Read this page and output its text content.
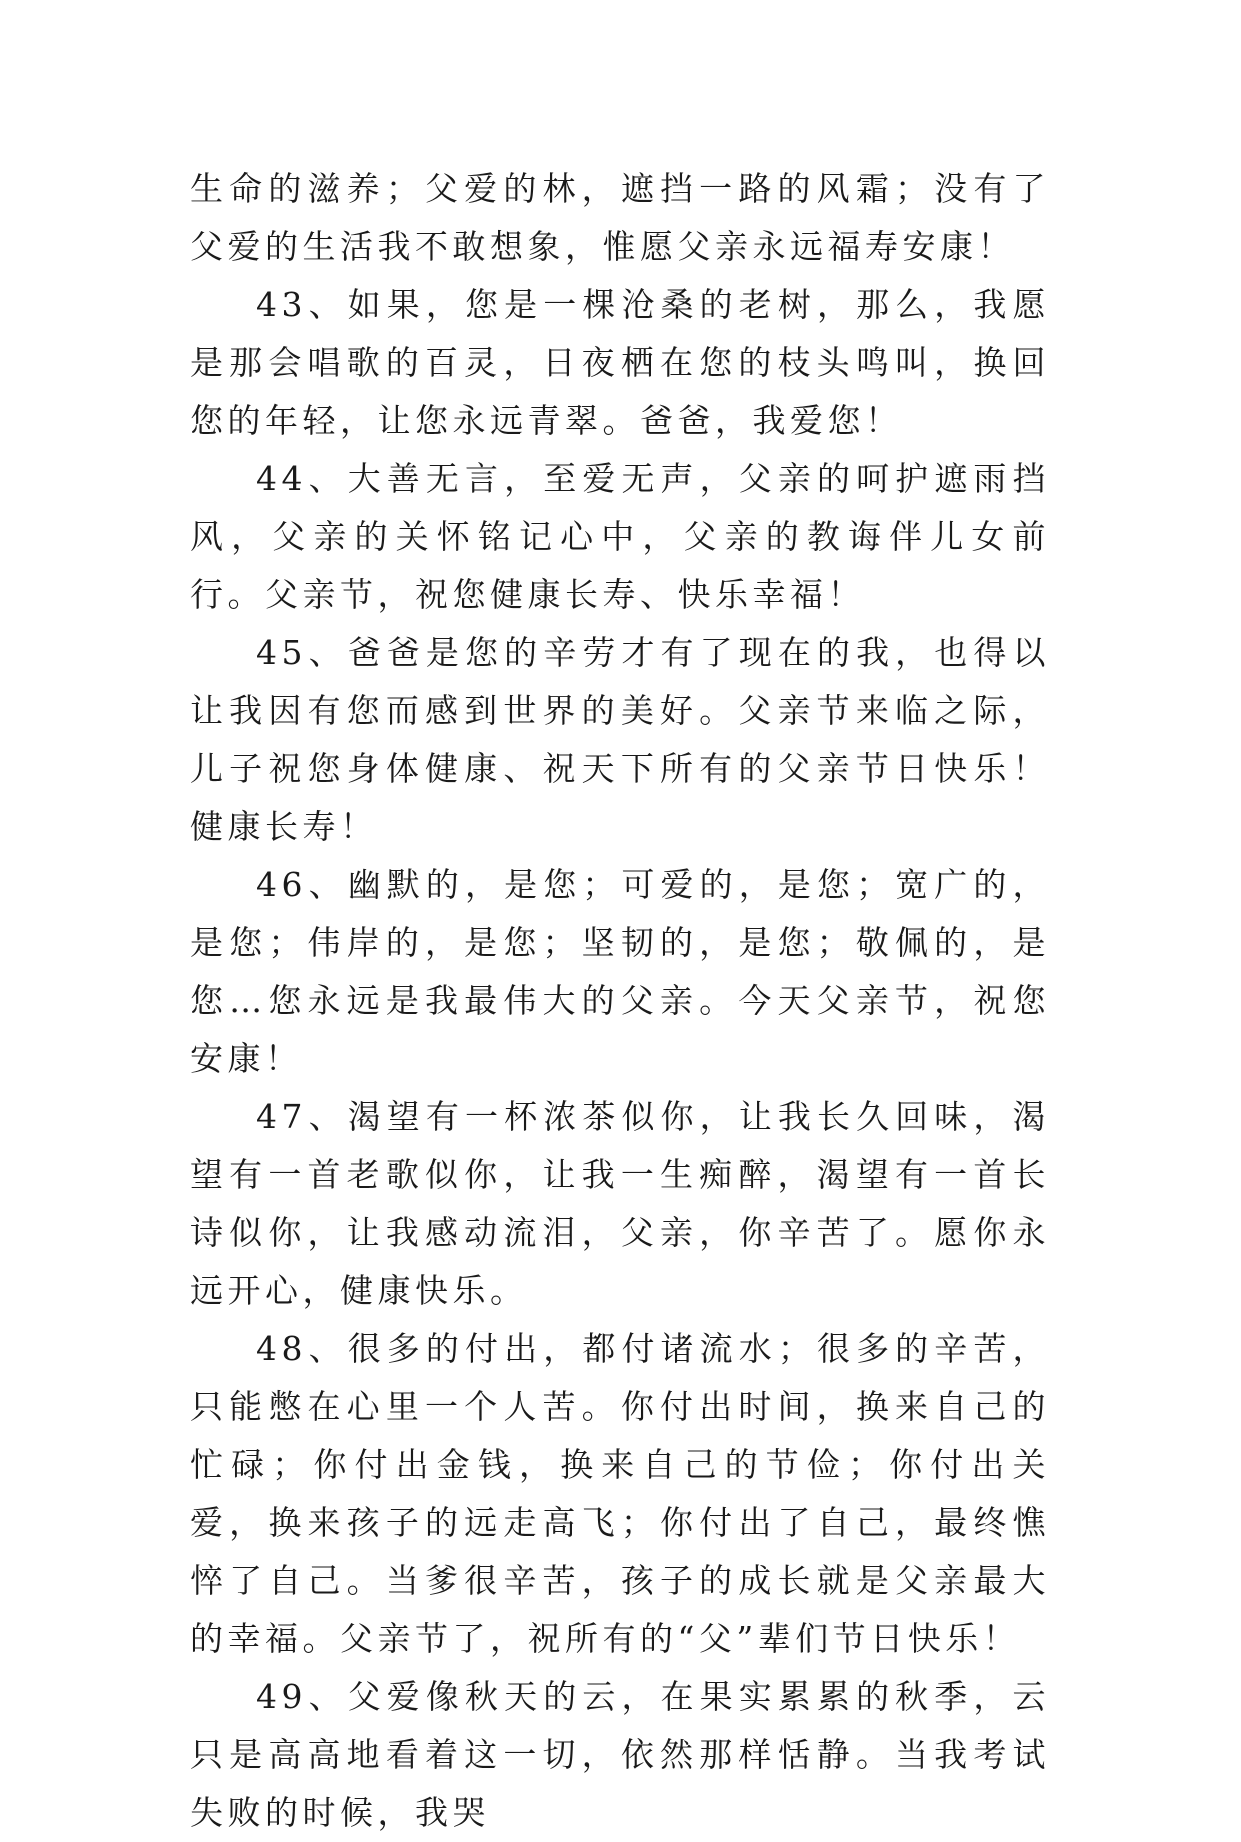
生命的滋养；父爱的林，遮挡一路的风霜；没有了父爱的生活我不敢想象，惟愿父亲永远福寿安康！

43、如果，您是一棵沧桑的老树，那么，我愿是那会唱歌的百灵，日夜栖在您的枝头鸣叫，换回您的年轻，让您永远青翠。爸爸，我爱您！

44、大善无言，至爱无声，父亲的呵护遮雨挡风，父亲的关怀铭记心中，父亲的教诲伴儿女前行。父亲节，祝您健康长寿、快乐幸福！

45、爸爸是您的辛劳才有了现在的我，也得以让我因有您而感到世界的美好。父亲节来临之际，儿子祝您身体健康、祝天下所有的父亲节日快乐！健康长寿！

46、幽默的，是您；可爱的，是您；宽广的，是您；伟岸的，是您；坚韧的，是您；敬佩的，是您…您永远是我最伟大的父亲。今天父亲节，祝您安康！

47、渴望有一杯浓茶似你，让我长久回味，渴望有一首老歌似你，让我一生痴醉，渴望有一首长诗似你，让我感动流泪，父亲，你辛苦了。愿你永远开心，健康快乐。

48、很多的付出，都付诸流水；很多的辛苦，只能憋在心里一个人苦。你付出时间，换来自己的忙碌；你付出金钱，换来自己的节俭；你付出关爱，换来孩子的远走高飞；你付出了自己，最终憔悴了自己。当爹很辛苦，孩子的成长就是父亲最大的幸福。父亲节了，祝所有的“父”辈们节日快乐！

49、父爱像秋天的云，在果实累累的秋季，云只是高高地看着这一切，依然那样恬静。当我考试失败的时候，我哭
